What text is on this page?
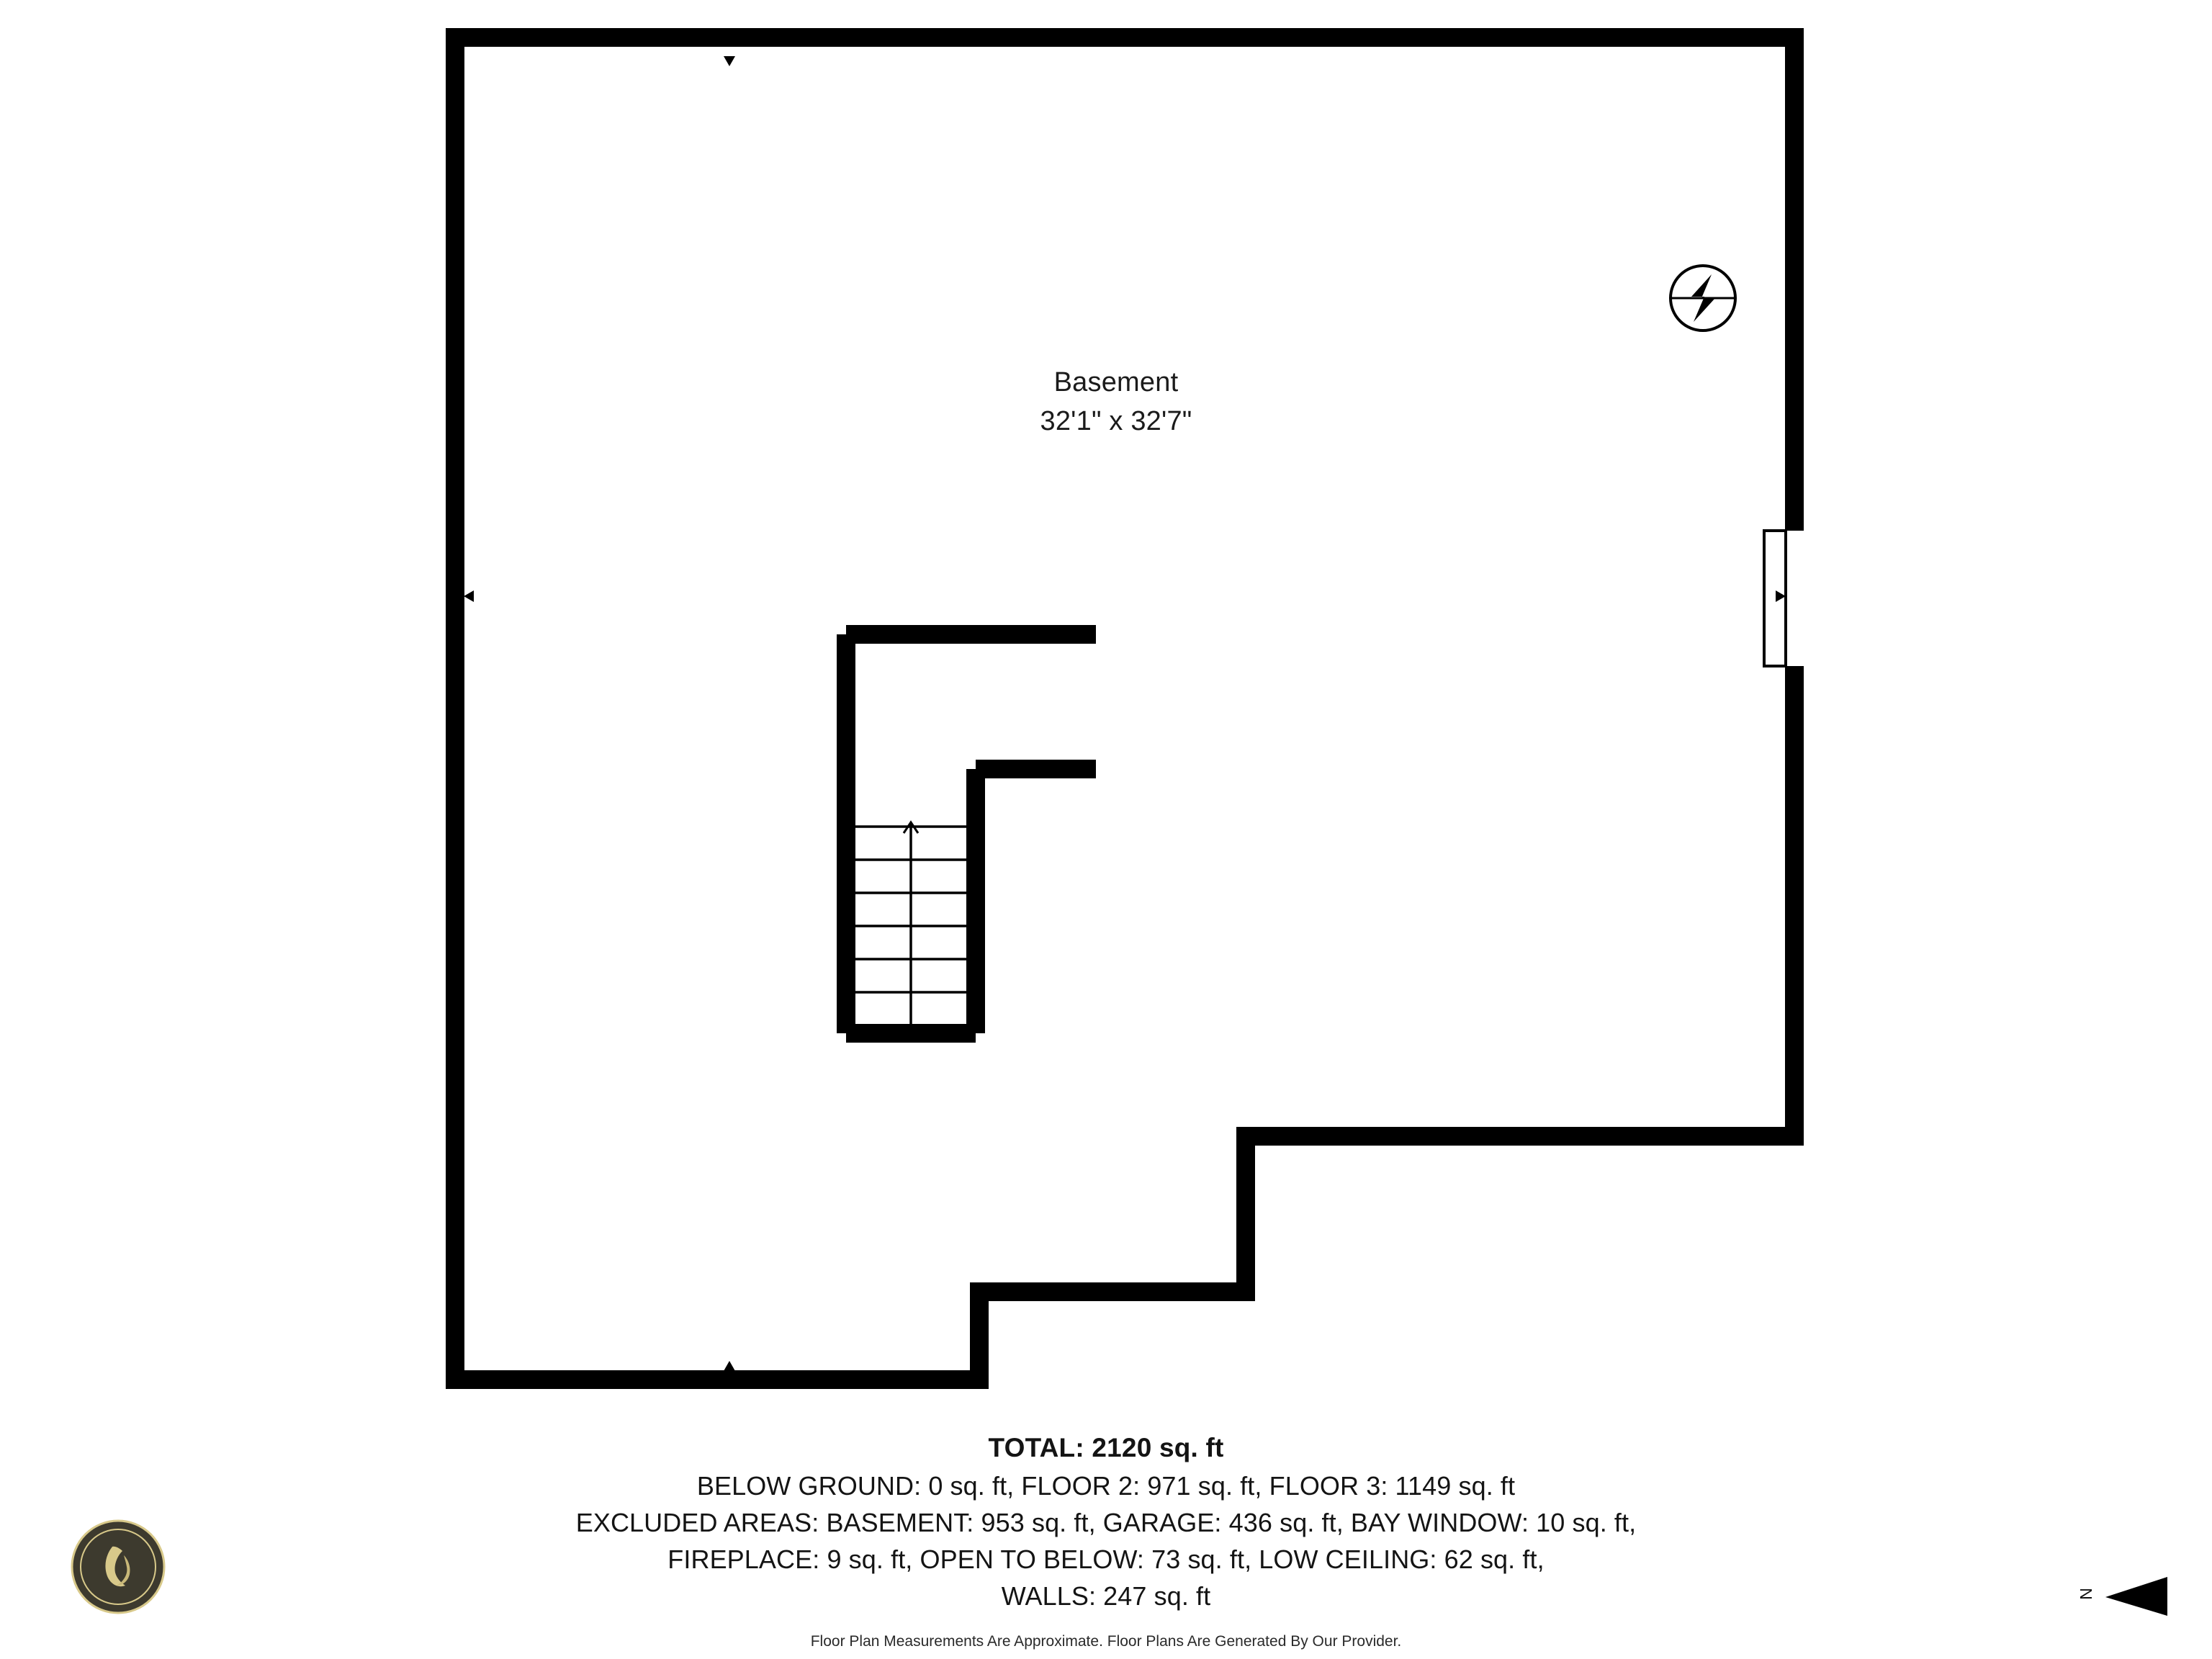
Basement
32'1" x 32'7"
TOTAL: 2120 sq. ft
BELOW GROUND: 0 sq. ft, FLOOR 2: 971 sq. ft, FLOOR 3: 1149 sq. ft
EXCLUDED AREAS: BASEMENT: 953 sq. ft, GARAGE: 436 sq. ft, BAY WINDOW: 10 sq. ft,
FIREPLACE: 9 sq. ft, OPEN TO BELOW: 73 sq. ft, LOW CEILING: 62 sq. ft,
WALLS: 247 sq. ft
Floor Plan Measurements Are Approximate. Floor Plans Are Generated By Our Provider.
N
